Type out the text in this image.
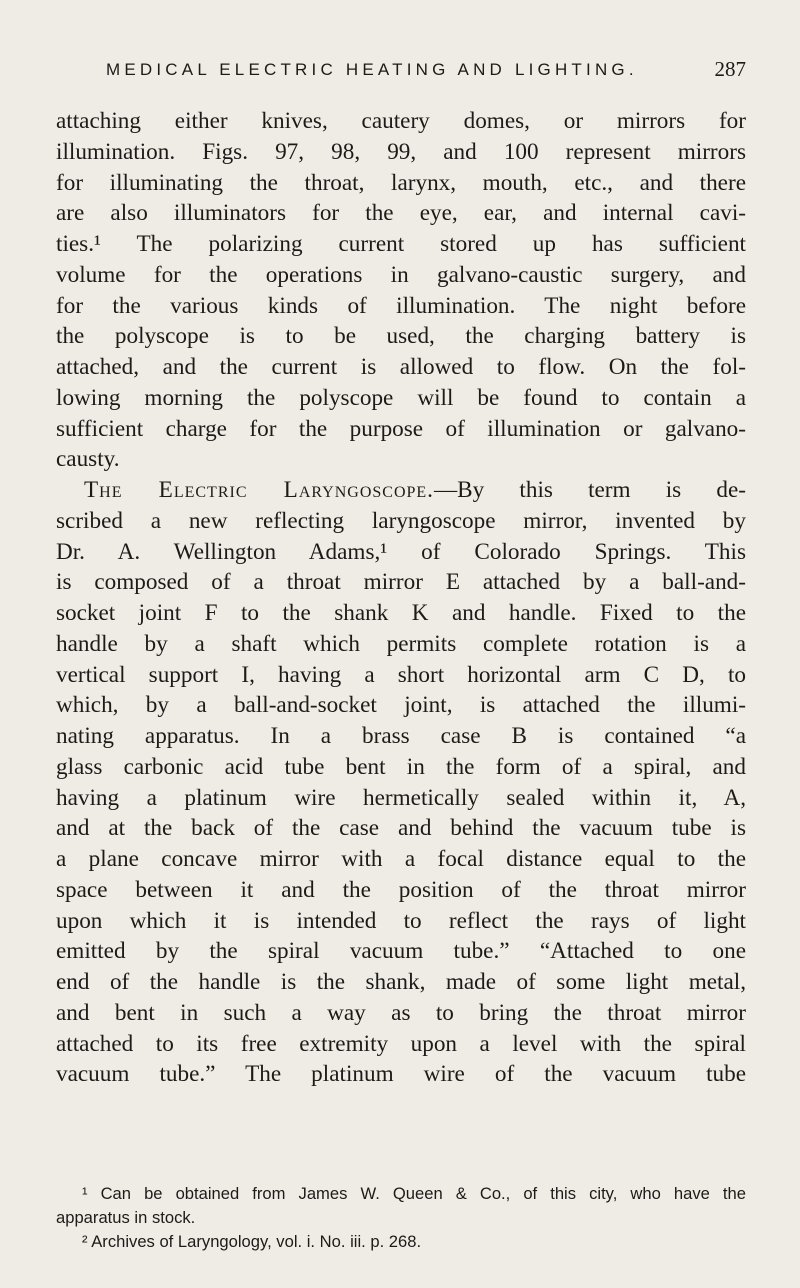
MEDICAL ELECTRIC HEATING AND LIGHTING.	287
attaching either knives, cautery domes, or mirrors for
illumination. Figs. 97, 98, 99, and 100 represent mirrors
for illuminating the throat, larynx, mouth, etc., and there
are also illuminators for the eye, ear, and internal cavi-
ties.¹ The polarizing current stored up has sufficient
volume for the operations in galvano-caustic surgery, and
for the various kinds of illumination. The night before
the polyscope is to be used, the charging battery is
attached, and the current is allowed to flow. On the fol-
lowing morning the polyscope will be found to contain a
sufficient charge for the purpose of illumination or galvano-
causty.
The Electric Laryngoscope.—By this term is de-
scribed a new reflecting laryngoscope mirror, invented by
Dr. A. Wellington Adams,¹ of Colorado Springs. This
is composed of a throat mirror E attached by a ball-and-
socket joint F to the shank K and handle. Fixed to the
handle by a shaft which permits complete rotation is a
vertical support I, having a short horizontal arm C D, to
which, by a ball-and-socket joint, is attached the illumi-
nating apparatus. In a brass case B is contained “a
glass carbonic acid tube bent in the form of a spiral, and
having a platinum wire hermetically sealed within it, A,
and at the back of the case and behind the vacuum tube is
a plane concave mirror with a focal distance equal to the
space between it and the position of the throat mirror
upon which it is intended to reflect the rays of light
emitted by the spiral vacuum tube.” “Attached to one
end of the handle is the shank, made of some light metal,
and bent in such a way as to bring the throat mirror
attached to its free extremity upon a level with the spiral
vacuum tube.” The platinum wire of the vacuum tube
¹ Can be obtained from James W. Queen & Co., of this city, who have the
apparatus in stock.
² Archives of Laryngology, vol. i. No. iii. p. 268.
